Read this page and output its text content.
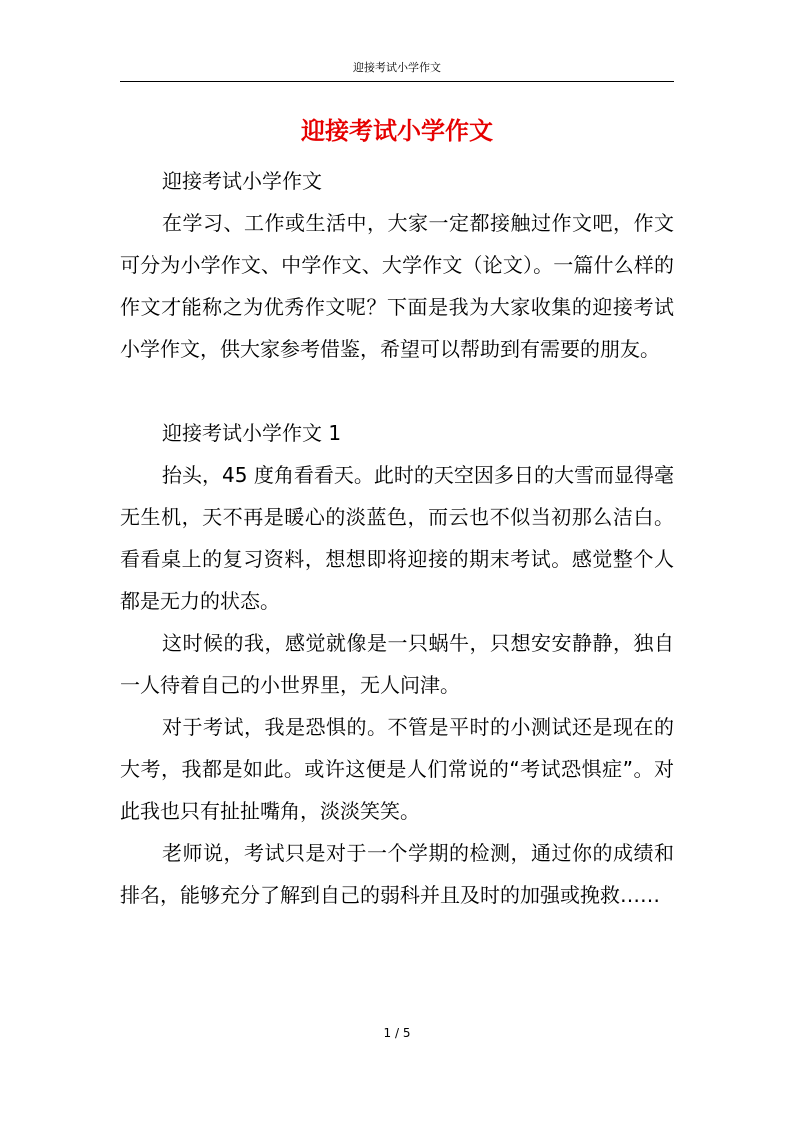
迎接考试小学作文
迎接考试小学作文

迎接考试小学作文

在学习、工作或生活中，大家一定都接触过作文吧，作文可分为小学作文、中学作文、大学作文（论文）。一篇什么样的作文才能称之为优秀作文呢？下面是我为大家收集的迎接考试小学作文，供大家参考借鉴，希望可以帮助到有需要的朋友。

迎接考试小学作文 1

抬头，45 度角看看天。此时的天空因多日的大雪而显得毫无生机，天不再是暖心的淡蓝色，而云也不似当初那么洁白。看看桌上的复习资料，想想即将迎接的期末考试。感觉整个人都是无力的状态。

这时候的我，感觉就像是一只蜗牛，只想安安静静，独自一人待着自己的小世界里，无人问津。

对于考试，我是恐惧的。不管是平时的小测试还是现在的大考，我都是如此。或许这便是人们常说的“考试恐惧症”。对此我也只有扯扯嘴角，淡淡笑笑。

老师说，考试只是对于一个学期的检测，通过你的成绩和排名，能够充分了解到自己的弱科并且及时的加强或挽救……

1 / 5
